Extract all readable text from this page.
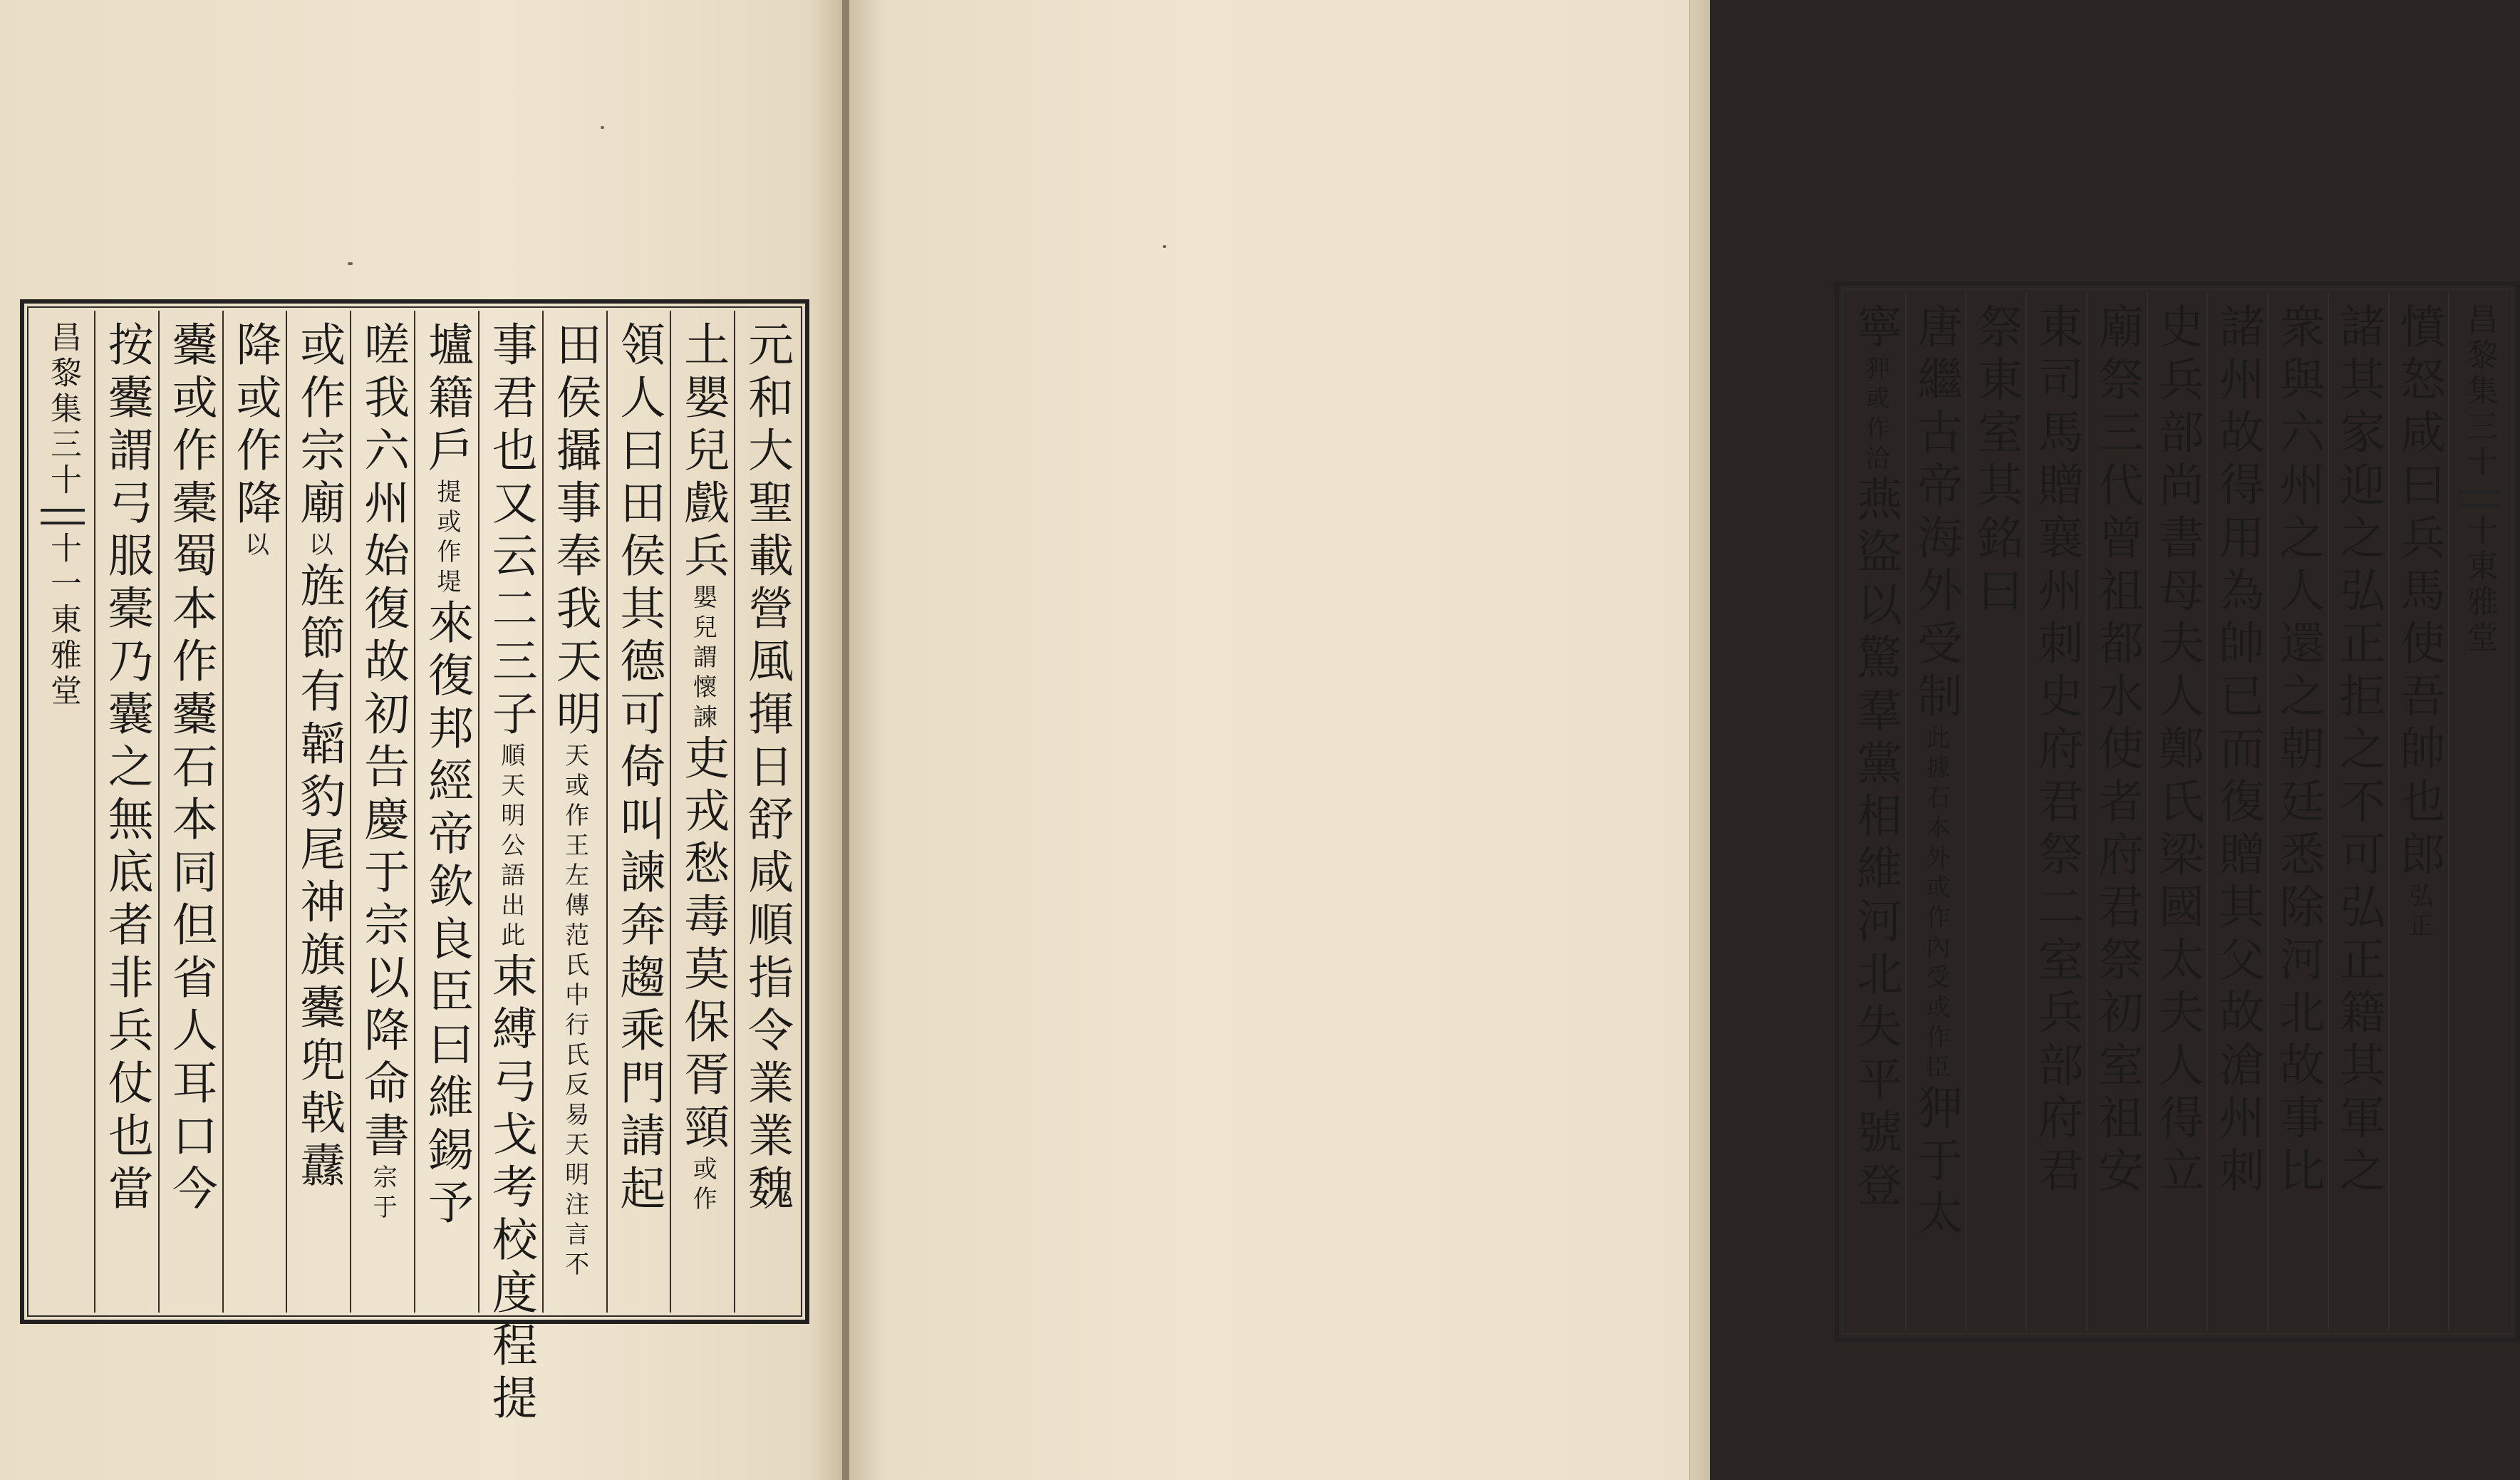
元和大聖載營風揮日舒咸順指令業業魏
土嬰兒戲兵
嬰兒謂懷諫
吏戎愁毒莫保胥頸
或作
領人曰田侯其德可倚叫諫奔趨乘門請起
田侯攝事奉我天明
天或作王左傳范氏中行氏反易天明注言不
事君也又云二三子
順天明公語出此
束縛弓戈考校度程提
壚籍戶
提或作堤
來復邦經帝欽良臣曰維錫予
嗟我六州始復故初告慶于宗以降命書
宗于
或作宗廟
以
旌節有韜豹尾神旗櫜兜戟纛
降或作降
以
櫜或作橐蜀本作櫜石本同但省人耳口今
按櫜謂弓服橐乃囊之無底者非兵仗也當
昌黎集三十
十一
東雅堂
昌黎集三十
十
東雅堂
憤怒咸曰兵馬使吾帥也郎
弘正
諸其家迎之弘正拒之不可弘正籍其軍之
衆與六州之人還之朝廷悉除河北故事比
諸州故得用為帥已而復贈其父故滄州刺
史兵部尚書母夫人鄭氏梁國太夫人得立
廟祭三代曾祖都水使者府君祭初室祖安
東司馬贈襄州刺史府君祭二室兵部府君
祭東室其銘曰
唐繼古帝海外受制
此據石本外或作內受或作臣
狎于太
寧
狎或作洽
燕盜以驚羣黨相維河北失平號登
